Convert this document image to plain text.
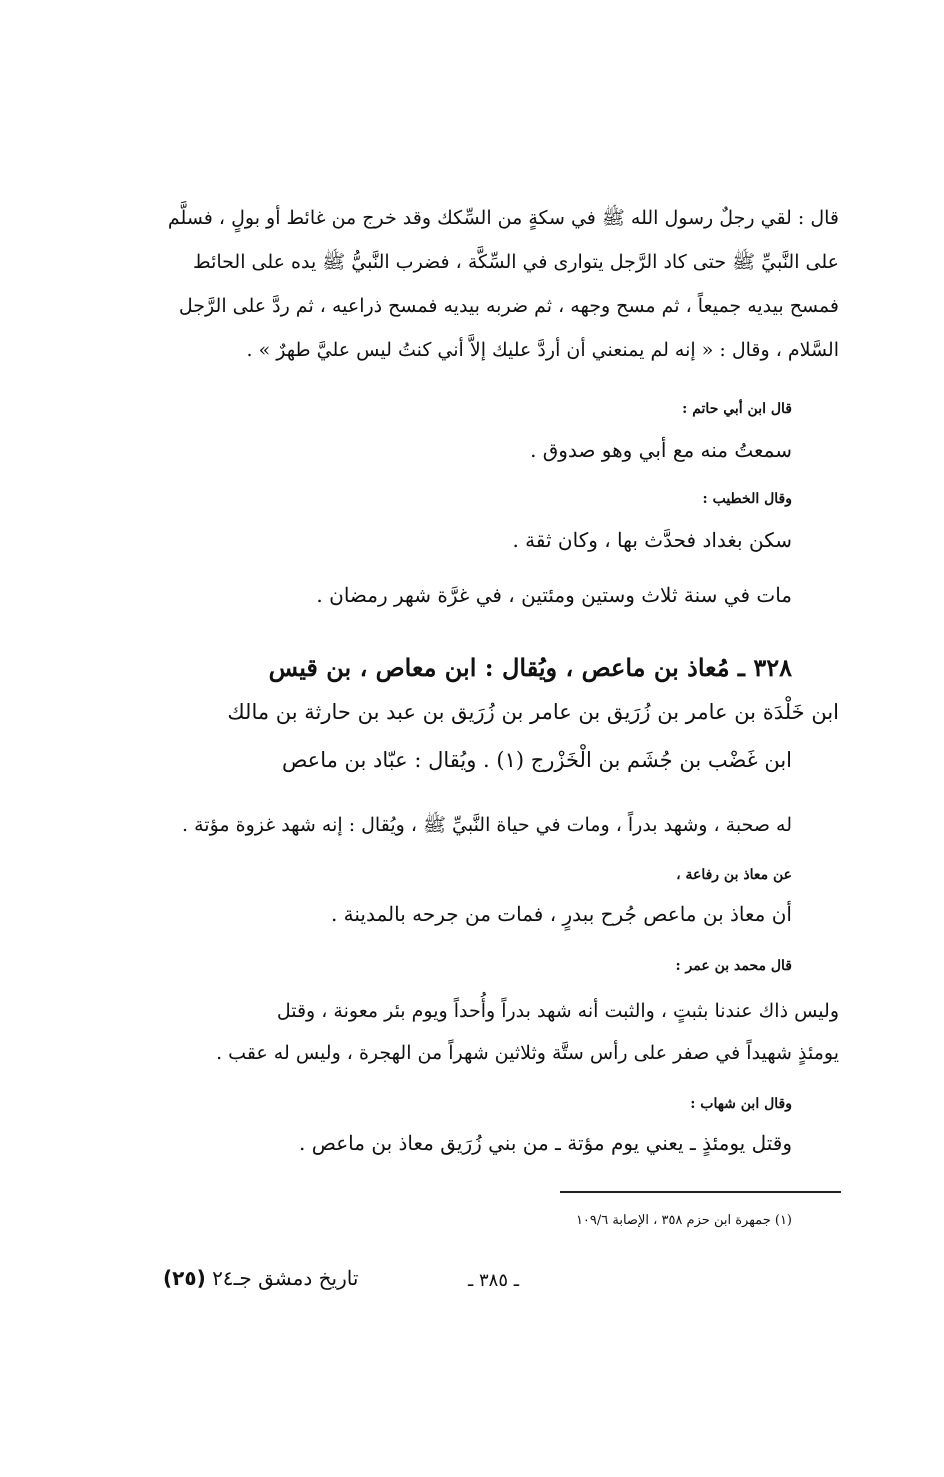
قال : لقي رجلٌ رسول الله ﷺ في سكةٍ من السِّكك وقد خرج من غائط أو بولٍ ، فسلَّم
على النَّبيِّ ﷺ حتى كاد الرَّجل يتوارى في السِّكَّة ، فضرب النَّبيُّ ﷺ يده على الحائط
فمسح بيديه جميعاً ، ثم مسح وجهه ، ثم ضربه بيديه فمسح ذراعيه ، ثم ردَّ على الرَّجل
السَّلام ، وقال : « إنه لم يمنعني أن أردَّ عليك إلاَّ أني كنتُ ليس عليَّ طهرٌ » .
قال ابن أبي حاتم :
سمعتُ منه مع أبي وهو صدوق .
وقال الخطيب :
سكن بغداد فحدَّث بها ، وكان ثقة .
مات في سنة ثلاث وستين ومئتين ، في غرَّة شهر رمضان .
٣٢٨ ـ مُعاذ بن ماعص ، ويُقال : ابن معاص ، بن قيس
ابن خَلْدَة بن عامر بن زُرَيق بن عامر بن زُرَيق بن عبد بن حارثة بن مالك
ابن غَضْب بن جُشَم بن الْخَزْرج (١) . ويُقال : عبّاد بن ماعص
له صحبة ، وشهد بدراً ، ومات في حياة النَّبيِّ ﷺ ، ويُقال : إنه شهد غزوة مؤتة .
عن معاذ بن رفاعة ،
أن معاذ بن ماعص جُرح ببدرٍ ، فمات من جرحه بالمدينة .
قال محمد بن عمر :
وليس ذاك عندنا بثبتٍ ، والثبت أنه شهد بدراً وأُحداً ويوم بئر معونة ، وقتل
يومئذٍ شهيداً في صفر على رأس ستَّة وثلاثين شهراً من الهجرة ، وليس له عقب .
وقال ابن شهاب :
وقتل يومئذٍ ـ يعني يوم مؤتة ـ من بني زُرَيق معاذ بن ماعص .
(١) جمهرة ابن حزم ٣٥٨ ، الإصابة ١٠٩/٦
ـ ٣٨٥ ـ
تاريخ دمشق جـ٢٤ (٢٥)
